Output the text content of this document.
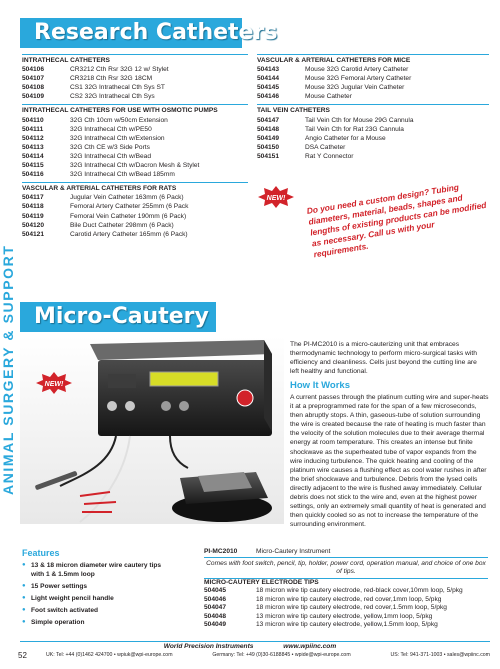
ANIMAL SURGERY & SUPPORT
Research Catheters
INTRATHECAL CATHETERS
504106	CR3212 Cth Rsr 32G 12 w/ Stylet
504107	CR3218 Cth Rsr 32G 18CM
504108	CS1 32G Intrathecal Cth Sys ST
504109	CS2 32G Intrathecal Cth Sys
INTRATHECAL CATHETERS FOR USE WITH OSMOTIC PUMPS
504110	32G Cth 10cm w/50cm Extension
504111	32G Intrathecal Cth w/PE50
504112	32G Intrathecal Cth w/Extension
504113	32G Cth CE w/3 Side Ports
504114	32G Intrathecal Cth w/Bead
504115	32G Intrathecal Cth w/Dacron Mesh & Stylet
504116	32G Intrathecal Cth w/Bead 185mm
VASCULAR & ARTERIAL CATHETERS FOR RATS
504117	Jugular Vein Catheter 163mm (6 Pack)
504118	Femoral Artery Catheter 255mm (6 Pack
504119	Femoral Vein Catheter 190mm (6 Pack)
504120	Bile Duct Catheter 298mm (6 Pack)
504121	Carotid Artery Catheter 165mm (6 Pack)
VASCULAR & ARTERIAL CATHETERS FOR MICE
504143	Mouse 32G Carotid Artery Catheter
504144	Mouse 32G Femoral Artery Catheter
504145	Mouse 32G Jugular Vein Catheter
504146	Mouse Catheter
TAIL VEIN CATHETERS
504147	Tail Vein Cth for Mouse 29G Cannula
504148	Tail Vein Cth for Rat 23G Cannula
504149	Angio Catheter for a Mouse
504150	DSA Catheter
504151	Rat Y Connector
NEW! Do you need a custom design? Tubing diameters, material, beads, shapes and lengths of existing products can be modified as necessary. Call us with your requirements.
Micro-Cautery
NEW!

The PI-MC2010 is a micro-cauterizing unit that embraces thermodynamic technology to perform micro-surgical tasks with efficiency and cleanliness. Cells just beyond the cutting line are left healthy and functional.

How It Works

A current passes through the platinum cutting wire and super-heats it at a preprogrammed rate for the span of a few microseconds, then abruptly stops. A thin, gaseous-tube of solution surrounding the wire is created because the rate of heating is much faster than the velocity of the solution molecules due to their average thermal energy at room temperature. This creates an intense but finite shockwave as the superheated tube of vapor expands from the wire inducing turbulence. The quick heating and cooling of the platinum wire causes a flushing effect as cool water rushes in after the brief shockwave and turbulence. Debris from the lysed cells directly adjacent to the wire is flushed away immediately. Cellular debris does not stick to the wire and, even at the highest power settings, only an extremely small quantity of heat is generated and then quickly cooled so as not to increase the temperature of the surrounding environment.

Features
● 13 & 18 micron diameter wire cautery tips with 1 & 1.5mm loop
● 15 Power settings
● Light weight pencil handle
● Foot switch activated
● Simple operation
PI-MC2010	Micro-Cautery Instrument
Comes with foot switch, pencil, tip, holder, power cord, operation manual, and choice of one box of tips.
MICRO-CAUTERY ELECTRODE TIPS
504045	18 micron wire tip cautery electrode, red-black cover,10mm loop, 5/pkg
504046	18 micron wire tip cautery electrode, red cover,1mm loop, 5/pkg
504047	18 micron wire tip cautery electrode, red cover,1.5mm loop, 5/pkg
504048	13 micron wire tip cautery electrode, yellow,1mm loop, 5/pkg
504049	13 micron wire tip cautery electrode, yellow,1.5mm loop, 5/pkg
World Precision Instruments	www.wpiinc.com
52	UK: Tel: +44 (0)1462 424700 • wpiuk@wpi-europe.com	Germany: Tel: +49 (0)30-6188845 • wpide@wpi-europe.com	US: Tel: 941-371-1003 • sales@wpiinc.com
